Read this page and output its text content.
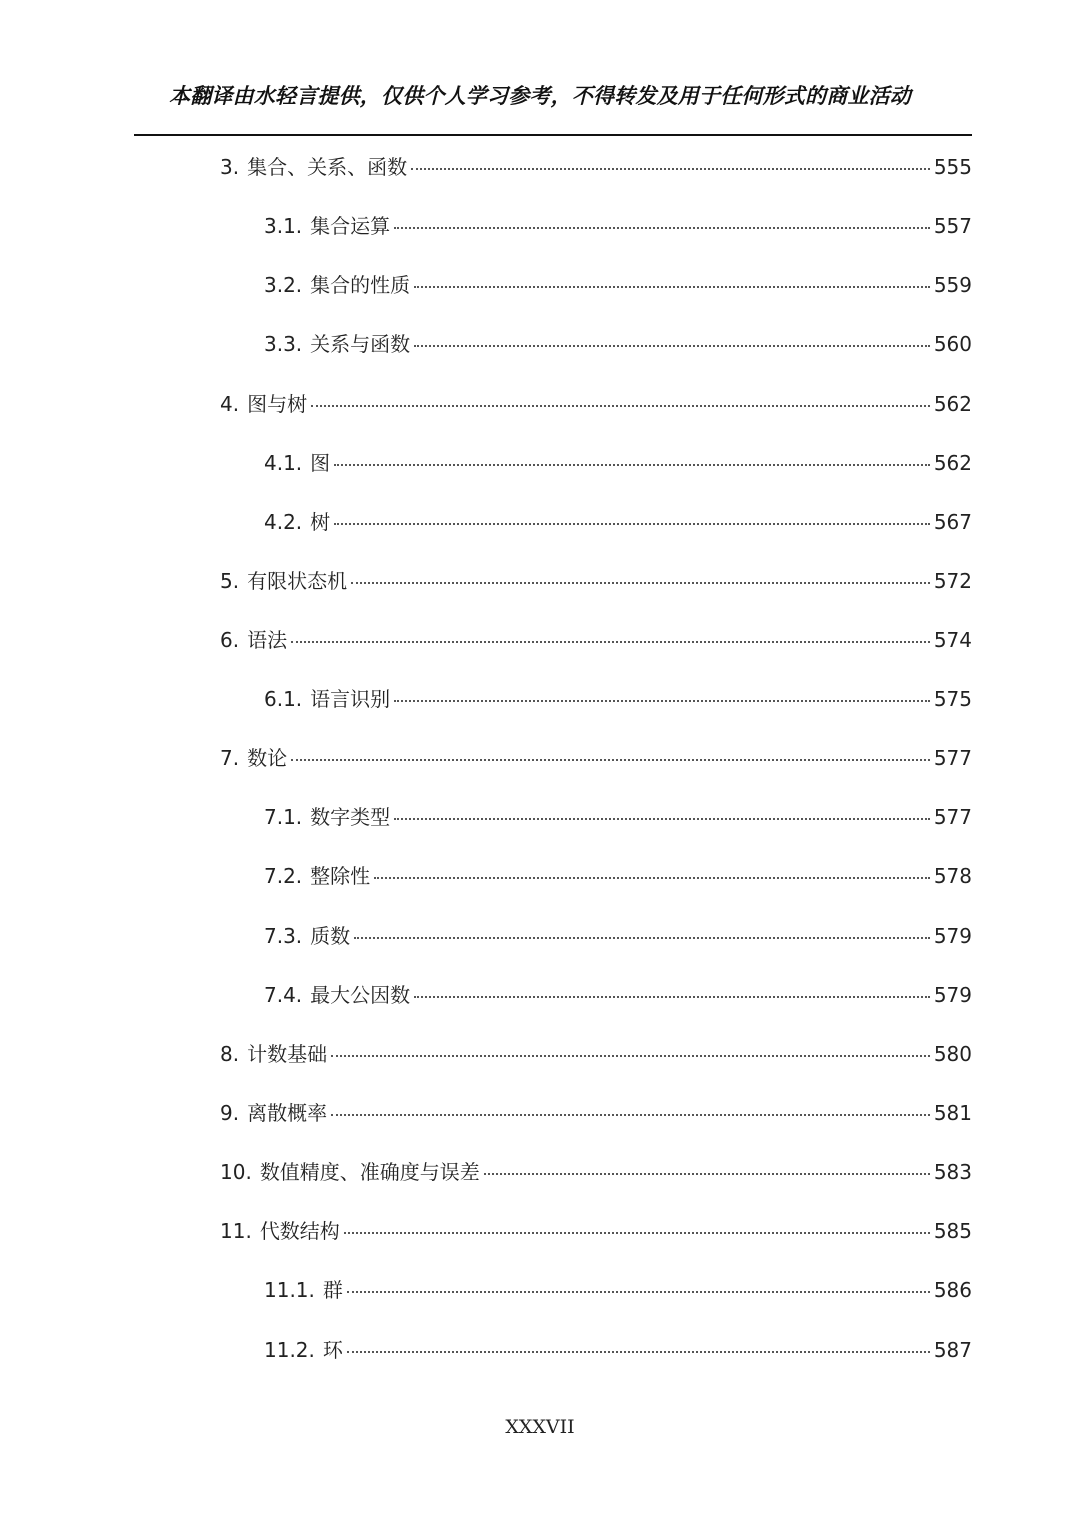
本翻译由水轻言提供，仅供个人学习参考，不得转发及用于任何形式的商业活动
3. 集合、关系、函数	555
3.1. 集合运算	557
3.2. 集合的性质	559
3.3. 关系与函数	560
4. 图与树	562
4.1. 图	562
4.2. 树	567
5. 有限状态机	572
6. 语法	574
6.1. 语言识别	575
7. 数论	577
7.1. 数字类型	577
7.2. 整除性	578
7.3. 质数	579
7.4. 最大公因数	579
8. 计数基础	580
9. 离散概率	581
10. 数值精度、准确度与误差	583
11. 代数结构	585
11.1. 群	586
11.2. 环	587
XXXVII
